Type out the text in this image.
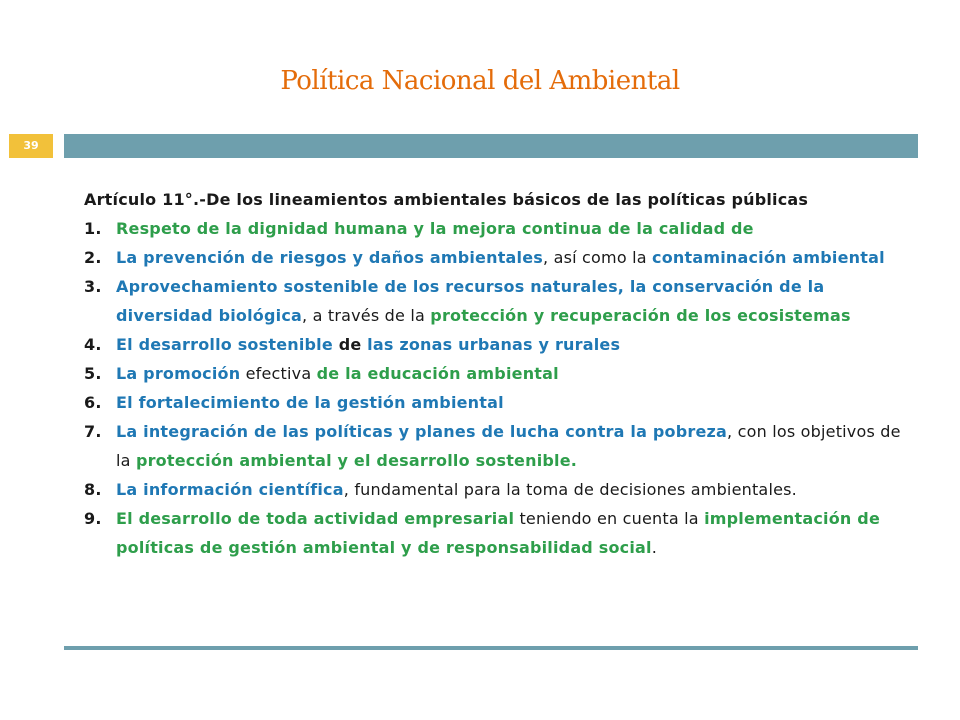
Política Nacional del Ambiental
39
Artículo 11°.-De los lineamientos ambientales básicos de las políticas públicas
1. Respeto de la dignidad humana y la mejora continua de la calidad de
2. La prevención de riesgos y daños ambientales, así como la contaminación ambiental
3. Aprovechamiento sostenible de los recursos naturales, la conservación de la diversidad biológica, a través de la protección y recuperación de los ecosistemas
4. El desarrollo sostenible de las zonas urbanas y rurales
5. La promoción efectiva de la educación ambiental
6. El fortalecimiento de la gestión ambiental
7. La integración de las políticas y planes de lucha contra la pobreza, con los objetivos de la protección ambiental y el desarrollo sostenible.
8. La información científica, fundamental para la toma de decisiones ambientales.
9. El desarrollo de toda actividad empresarial teniendo en cuenta la implementación de políticas de gestión ambiental y de responsabilidad social.
